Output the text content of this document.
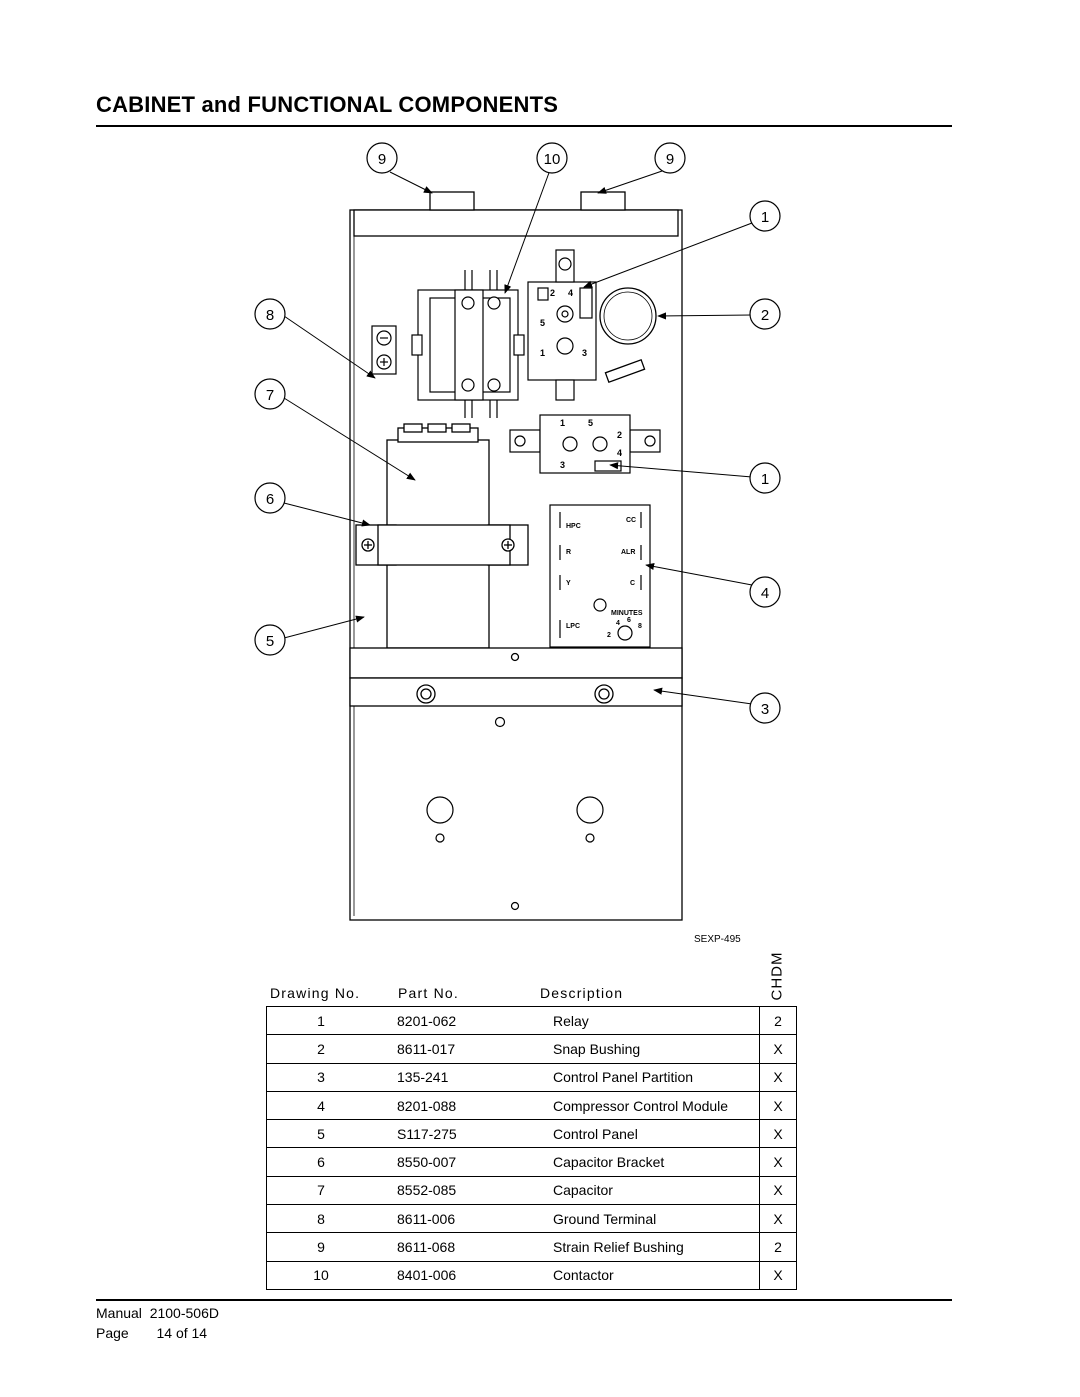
CABINET and FUNCTIONAL COMPONENTS
2 4
5
1	3
1	5
2
4
3
HPC
CC
R	ALR
Y	C
MINUTES
LPC
2
4 6
8
9	10	9
1
2
8
7
6
5
1
4
3
SEXP-495
Drawing No.	Part No.	Description	CHDM
1	8201-062	Relay	2
2	8611-017	Snap Bushing	X
3	135-241	Control Panel Partition	X
4	8201-088	Compressor Control Module	X
5	S117-275	Control Panel	X
6	8550-007	Capacitor Bracket	X
7	8552-085	Capacitor	X
8	8611-006	Ground Terminal	X
9	8611-068	Strain Relief Bushing	2
10	8401-006	Contactor	X
Manual 2100-506D
Page 14 of 14
